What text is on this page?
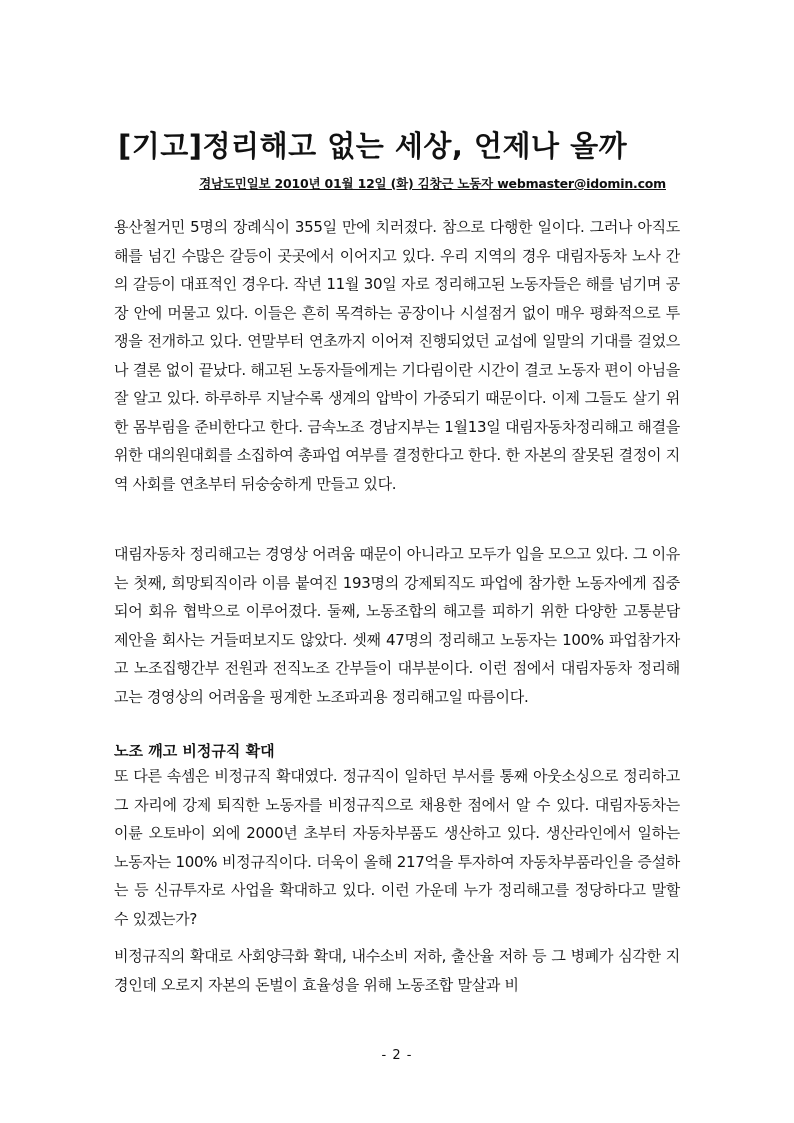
[기고]정리해고 없는 세상, 언제나 올까
경남도민일보 2010년 01월 12일 (화) 김창근 노동자 webmaster@idomin.com

용산철거민 5명의 장례식이 355일 만에 치러졌다. 참으로 다행한 일이다. 그러나 아직도 해를 넘긴 수많은 갈등이 곳곳에서 이어지고 있다. 우리 지역의 경우 대림자동차 노사 간의 갈등이 대표적인 경우다. 작년 11월 30일 자로 정리해고된 노동자들은 해를 넘기며 공장 안에 머물고 있다. 이들은 흔히 목격하는 공장이나 시설점거 없이 매우 평화적으로 투쟁을 전개하고 있다. 연말부터 연초까지 이어져 진행되었던 교섭에 일말의 기대를 걸었으나 결론 없이 끝났다. 해고된 노동자들에게는 기다림이란 시간이 결코 노동자 편이 아님을 잘 알고 있다. 하루하루 지날수록 생계의 압박이 가중되기 때문이다. 이제 그들도 살기 위한 몸부림을 준비한다고 한다. 금속노조 경남지부는 1월13일 대림자동차정리해고 해결을 위한 대의원대회를 소집하여 총파업 여부를 결정한다고 한다. 한 자본의 잘못된 결정이 지역 사회를 연초부터 뒤숭숭하게 만들고 있다.

대림자동차 정리해고는 경영상 어려움 때문이 아니라고 모두가 입을 모으고 있다. 그 이유는 첫째, 희망퇴직이라 이름 붙여진 193명의 강제퇴직도 파업에 참가한 노동자에게 집중되어 회유 협박으로 이루어졌다. 둘째, 노동조합의 해고를 피하기 위한 다양한 고통분담 제안을 회사는 거들떠보지도 않았다. 셋째 47명의 정리해고 노동자는 100% 파업참가자고 노조집행간부 전원과 전직노조 간부들이 대부분이다. 이런 점에서 대림자동차 정리해고는 경영상의 어려움을 핑계한 노조파괴용 정리해고일 따름이다.

노조 깨고 비정규직 확대

또 다른 속셈은 비정규직 확대였다. 정규직이 일하던 부서를 통째 아웃소싱으로 정리하고 그 자리에 강제 퇴직한 노동자를 비정규직으로 채용한 점에서 알 수 있다. 대림자동차는 이륜 오토바이 외에 2000년 초부터 자동차부품도 생산하고 있다. 생산라인에서 일하는 노동자는 100% 비정규직이다. 더욱이 올해 217억을 투자하여 자동차부품라인을 증설하는 등 신규투자로 사업을 확대하고 있다. 이런 가운데 누가 정리해고를 정당하다고 말할 수 있겠는가?

비정규직의 확대로 사회양극화 확대, 내수소비 저하, 출산율 저하 등 그 병폐가 심각한 지경인데 오로지 자본의 돈벌이 효율성을 위해 노동조합 말살과 비

- 2 -
